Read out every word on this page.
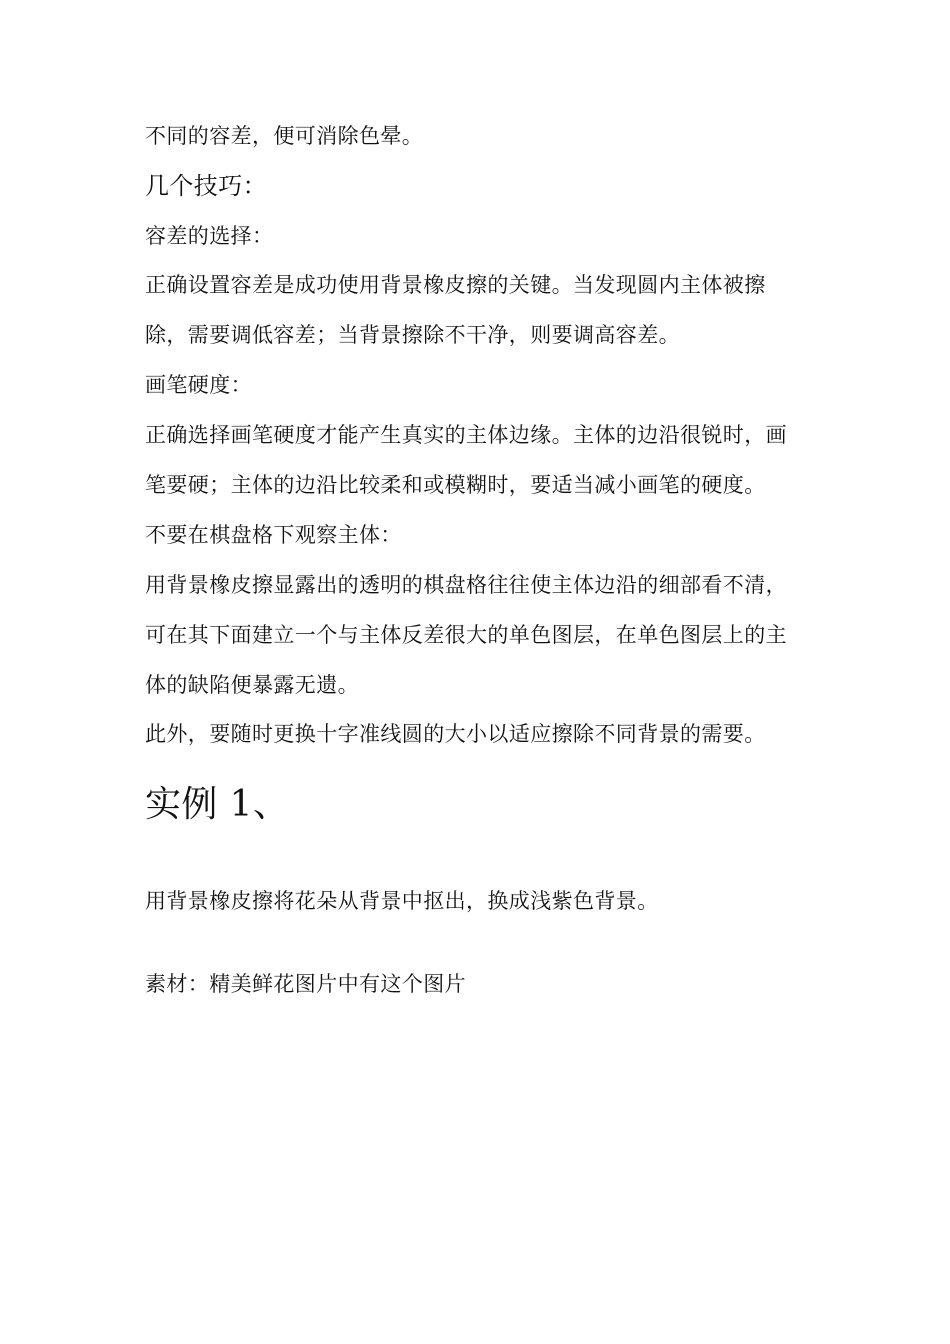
不同的容差，便可消除色晕。
几个技巧：
容差的选择：
正确设置容差是成功使用背景橡皮擦的关键。当发现圆内主体被擦
除，需要调低容差；当背景擦除不干净，则要调高容差。
画笔硬度：
正确选择画笔硬度才能产生真实的主体边缘。主体的边沿很锐时，画
笔要硬；主体的边沿比较柔和或模糊时，要适当减小画笔的硬度。
不要在棋盘格下观察主体：
用背景橡皮擦显露出的透明的棋盘格往往使主体边沿的细部看不清，
可在其下面建立一个与主体反差很大的单色图层，在单色图层上的主
体的缺陷便暴露无遗。
此外，要随时更换十字准线圆的大小以适应擦除不同背景的需要。
实例 1、
用背景橡皮擦将花朵从背景中抠出，换成浅紫色背景。
素材：精美鲜花图片中有这个图片
